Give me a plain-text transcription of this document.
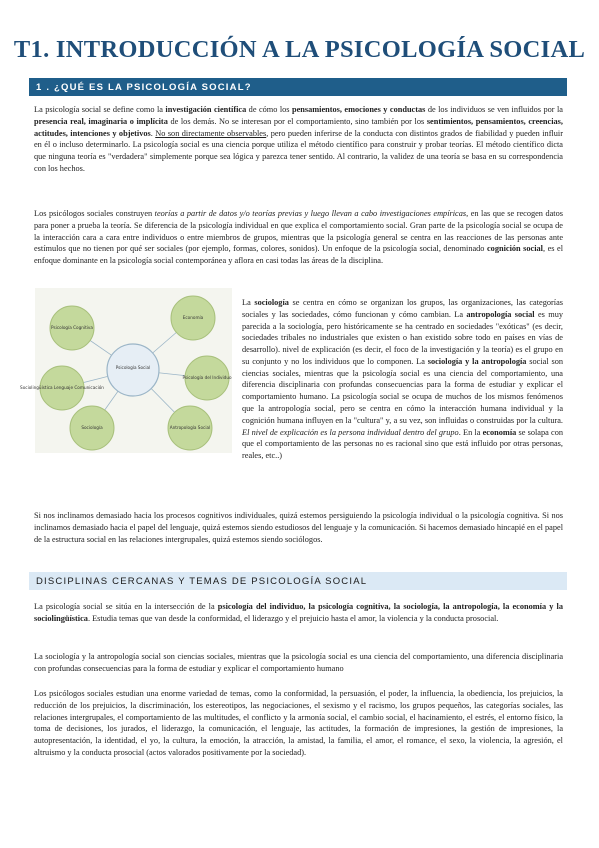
T1. INTRODUCCIÓN A LA PSICOLOGÍA SOCIAL
1 . ¿QUÉ ES LA PSICOLOGÍA SOCIAL?

La psicología social se define como la investigación científica de cómo los pensamientos, emociones y conductas de los individuos se ven influidos por la presencia real, imaginaria o implícita de los demás. No se interesan por el comportamiento, sino también por los sentimientos, pensamientos, creencias, actitudes, intenciones y objetivos. No son directamente observables, pero pueden inferirse de la conducta con distintos grados de fiabilidad y pueden influir en él o incluso determinarlo. La psicología social es una ciencia porque utiliza el método científico para construir y probar teorías. El método científico dicta que ninguna teoría es "verdadera" simplemente porque sea lógica y parezca tener sentido. Al contrario, la validez de una teoría se basa en su correspondencia con los hechos.

Los psicólogos sociales construyen teorías a partir de datos y/o teorías previas y luego llevan a cabo investigaciones empíricas, en las que se recogen datos para poner a prueba la teoría. Se diferencia de la psicología individual en que explica el comportamiento social. Gran parte de la psicología social se ocupa de la interacción cara a cara entre individuos o entre miembros de grupos, mientras que la psicología general se centra en las reacciones de las personas ante estímulos que no tienen por qué ser sociales (por ejemplo, formas, colores, sonidos). Un enfoque de la psicología social, denominado cognición social, es el enfoque dominante en la psicología social contemporánea y aflora en casi todas las áreas de la disciplina.

Psicología Social
Psicología Cognitiva
Economía
Psicología del Individuo
Antropología Social
Sociología
Sociolingüística Lenguaje Comunicación

La sociología se centra en cómo se organizan los grupos, las organizaciones, las categorías sociales y las sociedades, cómo funcionan y cómo cambian. La antropología social es muy parecida a la sociología, pero históricamente se ha centrado en sociedades "exóticas" (es decir, sociedades tribales no industriales que existen o han existido sobre todo en países en vías de desarrollo). nivel de explicación (es decir, el foco de la investigación y la teoría) es el grupo en su conjunto y no los individuos que lo componen. La sociología y la antropología social son ciencias sociales, mientras que la psicología social es una ciencia del comportamiento, una diferencia disciplinaria con profundas consecuencias para la forma de estudiar y explicar el comportamiento humano. La psicología social se ocupa de muchos de los mismos fenómenos que la antropología social, pero se centra en cómo la interacción humana individual y la cognición humana influyen en la "cultura" y, a su vez, son influidas o construidas por la cultura. El nivel de explicación es la persona individual dentro del grupo. En la economía se solapa con que el comportamiento de las personas no es racional sino que está influido por otras personas, reales, etc..)

Si nos inclinamos demasiado hacia los procesos cognitivos individuales, quizá estemos persiguiendo la psicología individual o la psicología cognitiva. Si nos inclinamos demasiado hacia el papel del lenguaje, quizá estemos siendo estudiosos del lenguaje y la comunicación. Si hacemos demasiado hincapié en el papel de la estructura social en las relaciones intergrupales, quizá estemos siendo sociólogos.

DISCIPLINAS CERCANAS Y TEMAS DE PSICOLOGÍA SOCIAL

La psicología social se sitúa en la intersección de la psicología del individuo, la psicología cognitiva, la sociología, la antropología, la economía y la sociolingüística. Estudia temas que van desde la conformidad, el liderazgo y el prejuicio hasta el amor, la violencia y la conducta prosocial.

La sociología y la antropología social son ciencias sociales, mientras que la psicología social es una ciencia del comportamiento, una diferencia disciplinaria con profundas consecuencias para la forma de estudiar y explicar el comportamiento humano

Los psicólogos sociales estudian una enorme variedad de temas, como la conformidad, la persuasión, el poder, la influencia, la obediencia, los prejuicios, la reducción de los prejuicios, la discriminación, los estereotipos, las negociaciones, el sexismo y el racismo, los grupos pequeños, las categorías sociales, las relaciones intergrupales, el comportamiento de las multitudes, el conflicto y la armonía social, el cambio social, el hacinamiento, el estrés, el entorno físico, la toma de decisiones, los jurados, el liderazgo, la comunicación, el lenguaje, las actitudes, la formación de impresiones, la gestión de impresiones, la autopresentación, la identidad, el yo, la cultura, la emoción, la atracción, la amistad, la familia, el amor, el romance, el sexo, la violencia, la agresión, el altruismo y la conducta prosocial (actos valorados positivamente por la sociedad).
